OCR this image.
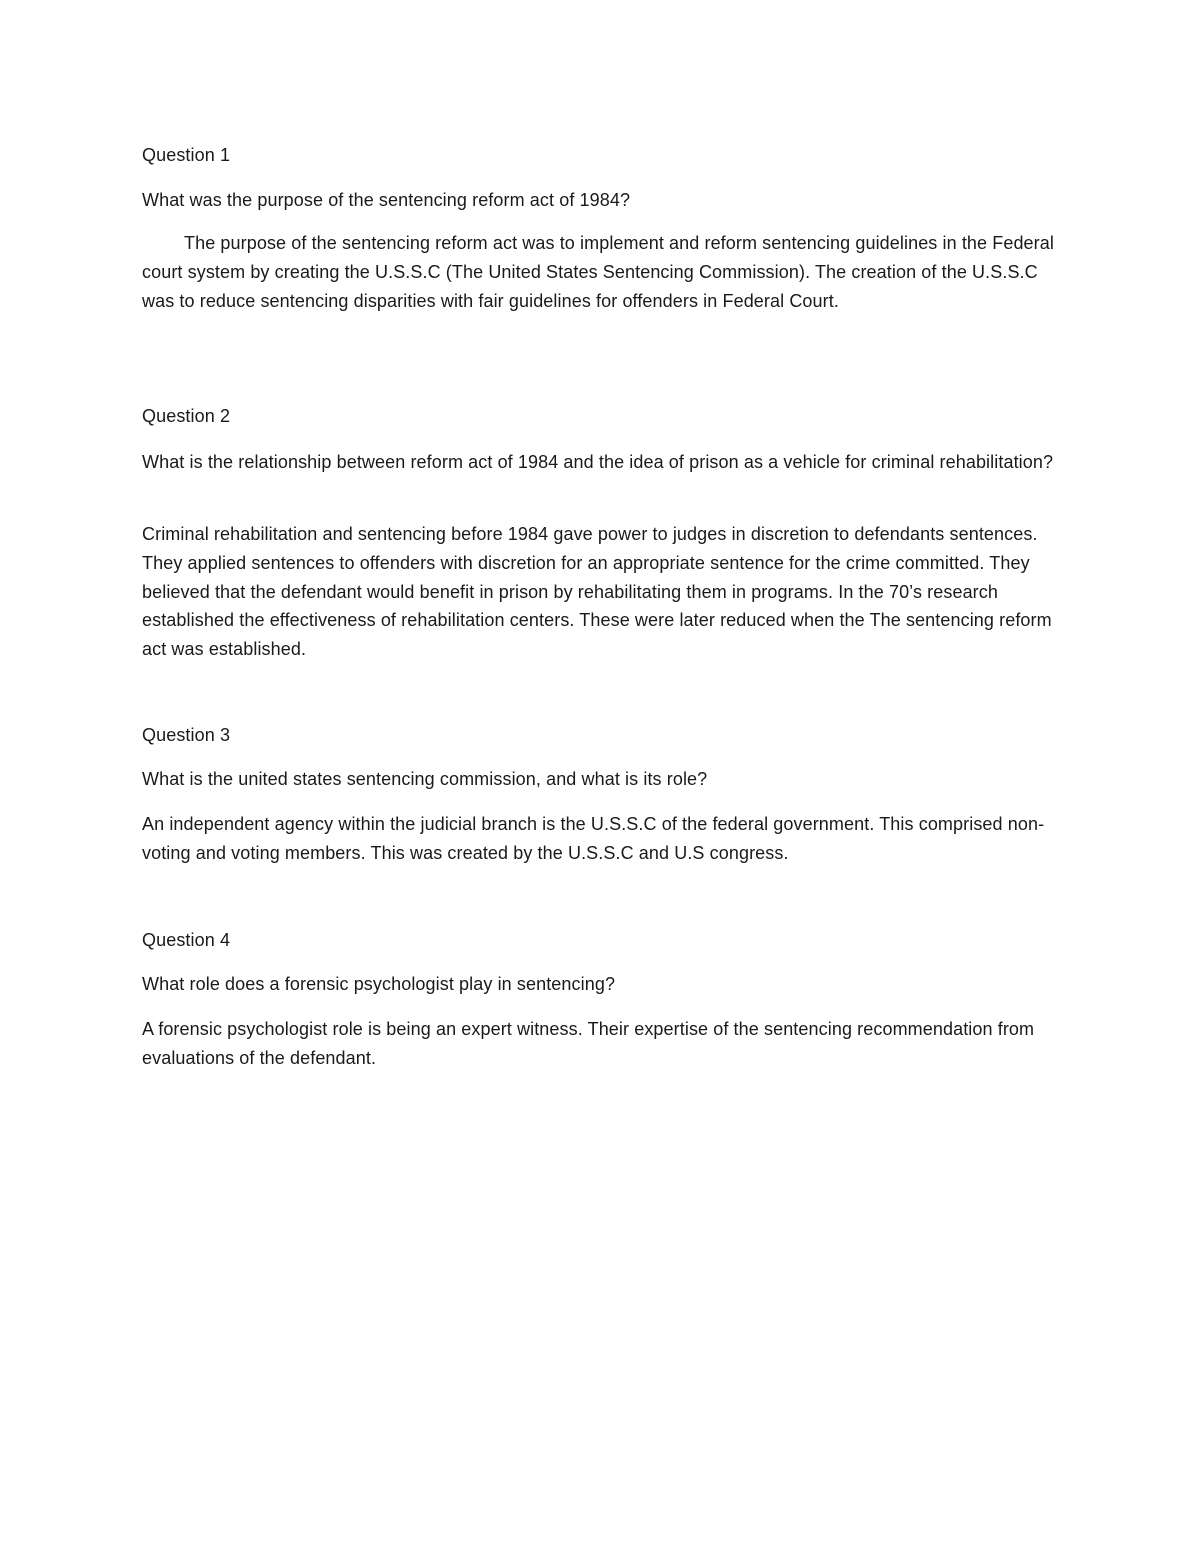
Question 1

What was the purpose of the sentencing reform act of 1984?

The purpose of the sentencing reform act was to implement and reform sentencing guidelines in the Federal court system by creating the U.S.S.C (The United States Sentencing Commission). The creation of the U.S.S.C was to reduce sentencing disparities with fair guidelines for offenders in Federal Court.

Question 2

What is the relationship between reform act of 1984 and the idea of prison as a vehicle for criminal rehabilitation?

Criminal rehabilitation and sentencing before 1984 gave power to judges in discretion to defendants sentences. They applied sentences to offenders with discretion for an appropriate sentence for the crime committed. They believed that the defendant would benefit in prison by rehabilitating them in programs. In the 70’s research established the effectiveness of rehabilitation centers. These were later reduced when the The sentencing reform act was established.

Question 3

What is the united states sentencing commission, and what is its role?

An independent agency within the judicial branch is the U.S.S.C of the federal government. This comprised non-voting and voting members. This was created by the U.S.S.C and U.S congress.

Question 4

What role does a forensic psychologist play in sentencing?

A forensic psychologist role is being an expert witness. Their expertise of the sentencing recommendation from evaluations of the defendant.
